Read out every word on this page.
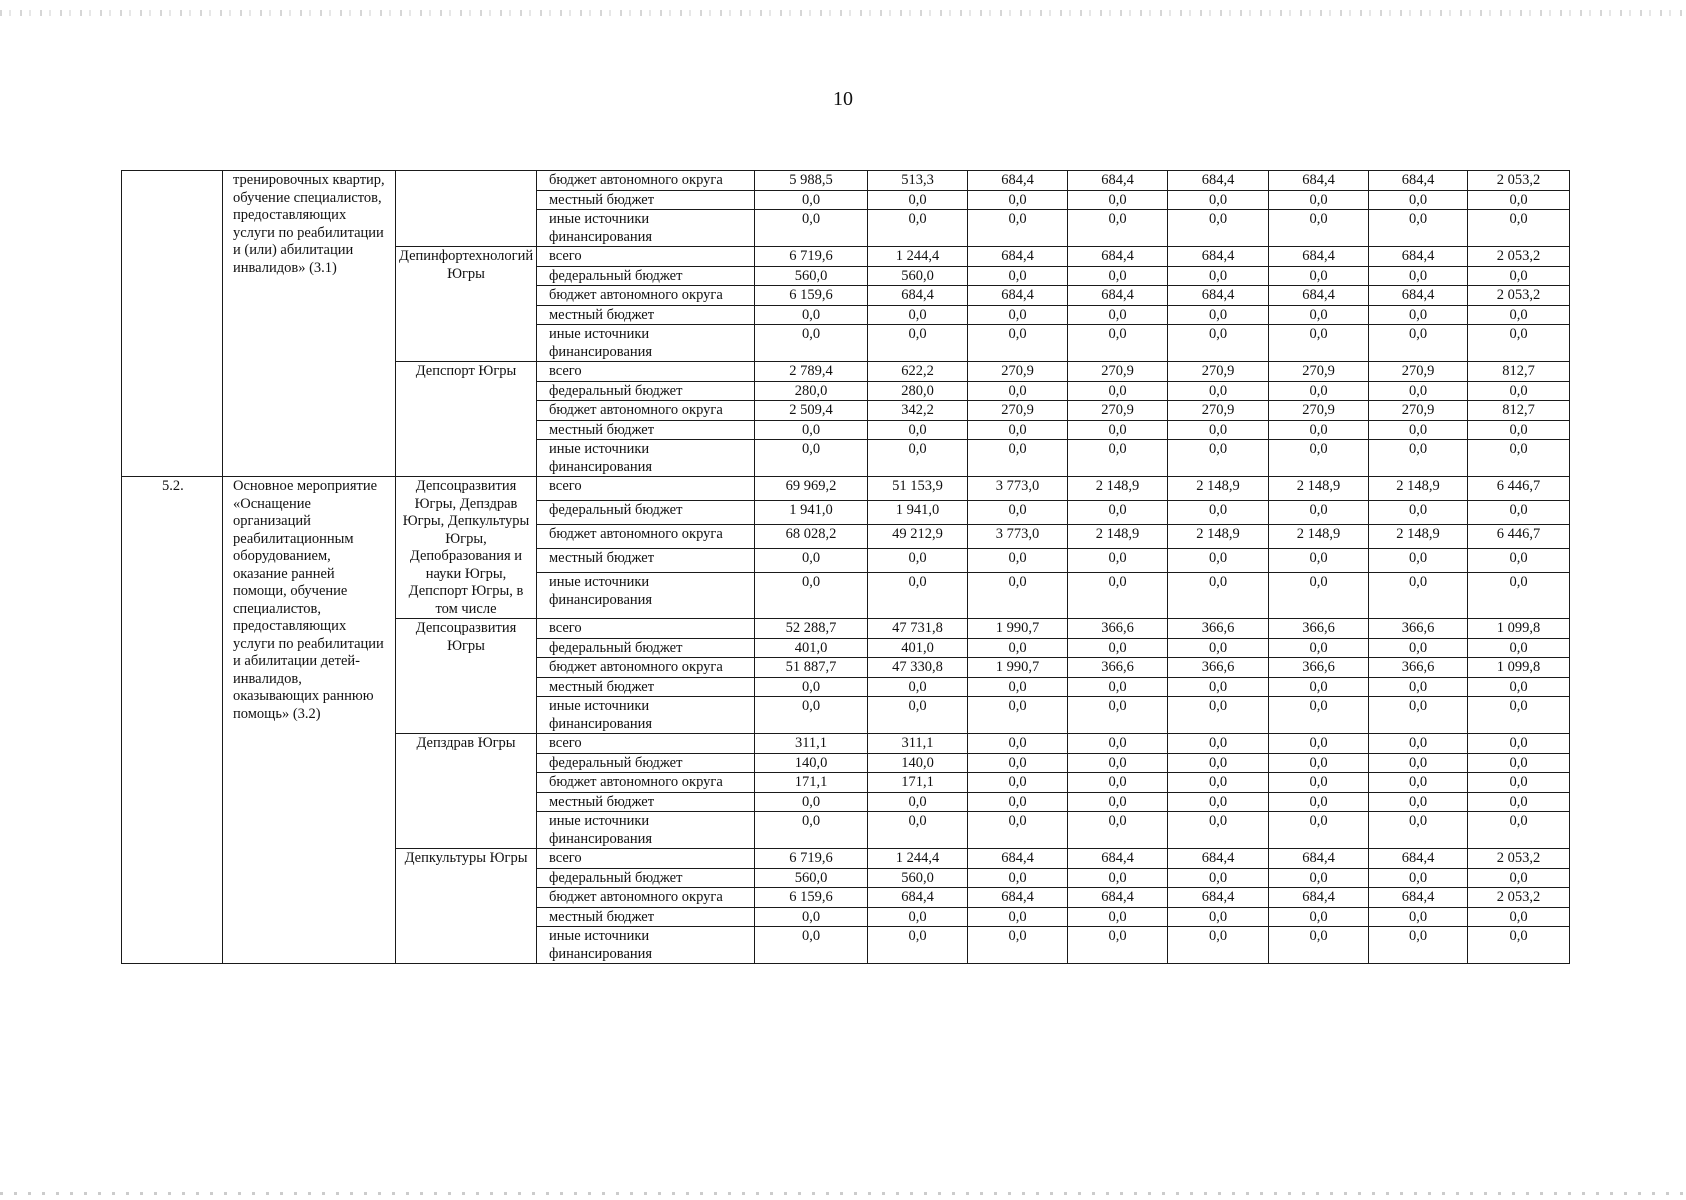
10
	тренировочных квартир, обучение специалистов, предоставляющих услуги по реабилитации и (или) абилитации инвалидов» (3.1)		бюджет автономного округа	5 988,5	513,3	684,4	684,4	684,4	684,4	684,4	2 053,2
			местный бюджет	0,0	0,0	0,0	0,0	0,0	0,0	0,0	0,0
			иные источники финансирования	0,0	0,0	0,0	0,0	0,0	0,0	0,0	0,0
		Депинфортехнологий Югры	всего	6 719,6	1 244,4	684,4	684,4	684,4	684,4	684,4	2 053,2
			федеральный бюджет	560,0	560,0	0,0	0,0	0,0	0,0	0,0	0,0
			бюджет автономного округа	6 159,6	684,4	684,4	684,4	684,4	684,4	684,4	2 053,2
			местный бюджет	0,0	0,0	0,0	0,0	0,0	0,0	0,0	0,0
			иные источники финансирования	0,0	0,0	0,0	0,0	0,0	0,0	0,0	0,0
		Депспорт Югры	всего	2 789,4	622,2	270,9	270,9	270,9	270,9	270,9	812,7
			федеральный бюджет	280,0	280,0	0,0	0,0	0,0	0,0	0,0	0,0
			бюджет автономного округа	2 509,4	342,2	270,9	270,9	270,9	270,9	270,9	812,7
			местный бюджет	0,0	0,0	0,0	0,0	0,0	0,0	0,0	0,0
			иные источники финансирования	0,0	0,0	0,0	0,0	0,0	0,0	0,0	0,0
5.2.	Основное мероприятие «Оснащение организаций реабилитационным оборудованием, оказание ранней помощи, обучение специалистов, предоставляющих услуги по реабилитации и абилитации детей-инвалидов, оказывающих раннюю помощь» (3.2)	Депсоцразвития Югры, Депздрав Югры, Депкультуры Югры, Депобразования и науки Югры, Депспорт Югры, в том числе	всего	69 969,2	51 153,9	3 773,0	2 148,9	2 148,9	2 148,9	2 148,9	6 446,7
			федеральный бюджет	1 941,0	1 941,0	0,0	0,0	0,0	0,0	0,0	0,0
			бюджет автономного округа	68 028,2	49 212,9	3 773,0	2 148,9	2 148,9	2 148,9	2 148,9	6 446,7
			местный бюджет	0,0	0,0	0,0	0,0	0,0	0,0	0,0	0,0
			иные источники финансирования	0,0	0,0	0,0	0,0	0,0	0,0	0,0	0,0
		Депсоцразвития Югры	всего	52 288,7	47 731,8	1 990,7	366,6	366,6	366,6	366,6	1 099,8
			федеральный бюджет	401,0	401,0	0,0	0,0	0,0	0,0	0,0	0,0
			бюджет автономного округа	51 887,7	47 330,8	1 990,7	366,6	366,6	366,6	366,6	1 099,8
			местный бюджет	0,0	0,0	0,0	0,0	0,0	0,0	0,0	0,0
			иные источники финансирования	0,0	0,0	0,0	0,0	0,0	0,0	0,0	0,0
		Депздрав Югры	всего	311,1	311,1	0,0	0,0	0,0	0,0	0,0	0,0
			федеральный бюджет	140,0	140,0	0,0	0,0	0,0	0,0	0,0	0,0
			бюджет автономного округа	171,1	171,1	0,0	0,0	0,0	0,0	0,0	0,0
			местный бюджет	0,0	0,0	0,0	0,0	0,0	0,0	0,0	0,0
			иные источники финансирования	0,0	0,0	0,0	0,0	0,0	0,0	0,0	0,0
		Депкультуры Югры	всего	6 719,6	1 244,4	684,4	684,4	684,4	684,4	684,4	2 053,2
			федеральный бюджет	560,0	560,0	0,0	0,0	0,0	0,0	0,0	0,0
			бюджет автономного округа	6 159,6	684,4	684,4	684,4	684,4	684,4	684,4	2 053,2
			местный бюджет	0,0	0,0	0,0	0,0	0,0	0,0	0,0	0,0
			иные источники финансирования	0,0	0,0	0,0	0,0	0,0	0,0	0,0	0,0
